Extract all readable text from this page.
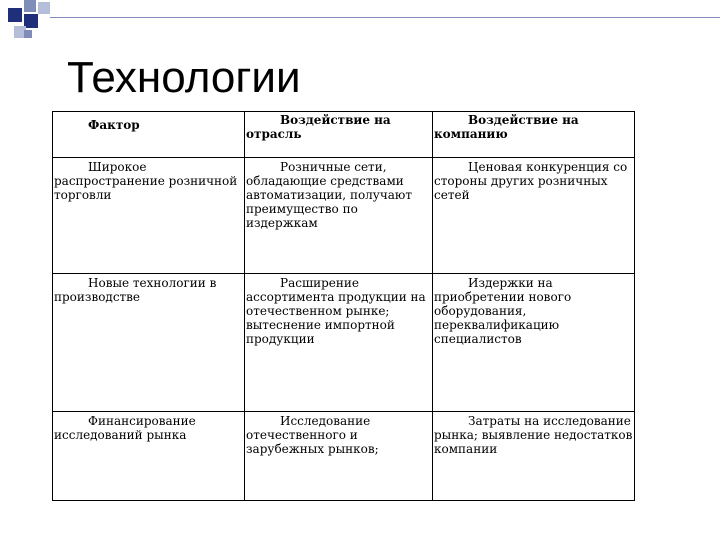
Технологии
Фактор	Воздействие на отрасль	Воздействие на компанию
Широкое распространение розничной торговли	Розничные сети, обладающие средствами автоматизации, получают преимущество по издержкам	Ценовая конкуренция со стороны других розничных сетей
Новые технологии в производстве	Расширение ассортимента продукции на отечественном рынке; вытеснение импортной продукции	Издержки на приобретении нового оборудования, переквалификацию специалистов
Финансирование исследований рынка	Исследование отечественного и зарубежных рынков;	Затраты на исследование рынка; выявление недостатков компании
